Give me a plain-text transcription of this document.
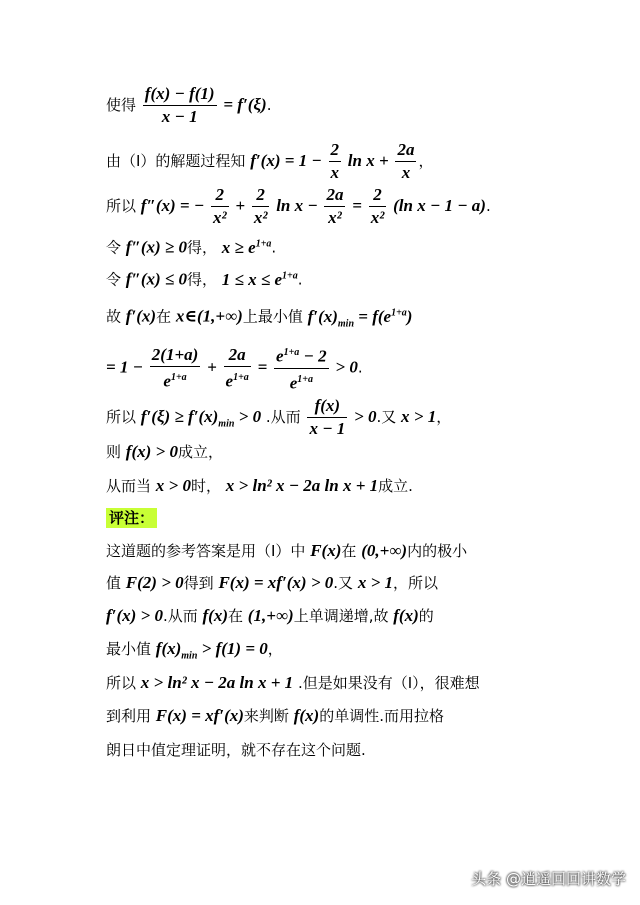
使得 $\frac{f(x) - f(1)}{x - 1} = f'(\xi)$.
由（Ⅰ）的解题过程知 $f'(x) = 1 - \frac{2}{x}$ $\ln x + \frac{2a}{x}$ ，
所以 f″(x) = − $\frac{2}{\text{x²}} + \frac{2}{\text{x²}}$ $\ln x - \frac{2a}{\text{x²}} = \frac{2}{\text{x²}} (\ln$ x − 1 − a).
令 f″(x) ≥ 0得， $x \ge e^{1+a}$.
令 f″(x) ≤ 0得， $1 \le x \le e^{1+a}$.
故 f′(x)在 x∈(1,+∞)上最小值 $f'(x)_{min} = f(e^{1+a})$
= $1 - \frac{2(1+a)}{e^{1+a}} + \frac{2a}{e^{1+a}} = \frac{e^{1+a} - 2}{e^{1+a}} > 0$.
所以 $f'(\xi) \ge f'(x)_{min} > 0$ .从而 $\frac{f(x)}{x - 1} > 0$.又 x > 1，
则 f(x) > 0成立，
从而当 x > 0时， x > ln² x − 2a ln x + 1成立.
评注：
这道题的参考答案是用（Ⅰ）中 F(x)在 (0,+∞)内的极小
值 F(2) > 0得到 F(x) = xf′(x) > 0.又 x > 1，所以
f′(x) > 0.从而 f(x)在 (1,+∞)上单调递增,故 f(x)的
最小值 $f(x)_{min} > f(1) = 0$，
所以 x > ln² x − 2a ln x + 1 .但是如果没有（Ⅰ），很难想
到利用 F(x) = xf′(x)来判断 f(x)的单调性.而用拉格
朗日中值定理证明，就不存在这个问题.
头条 @逍遥回回讲数学
